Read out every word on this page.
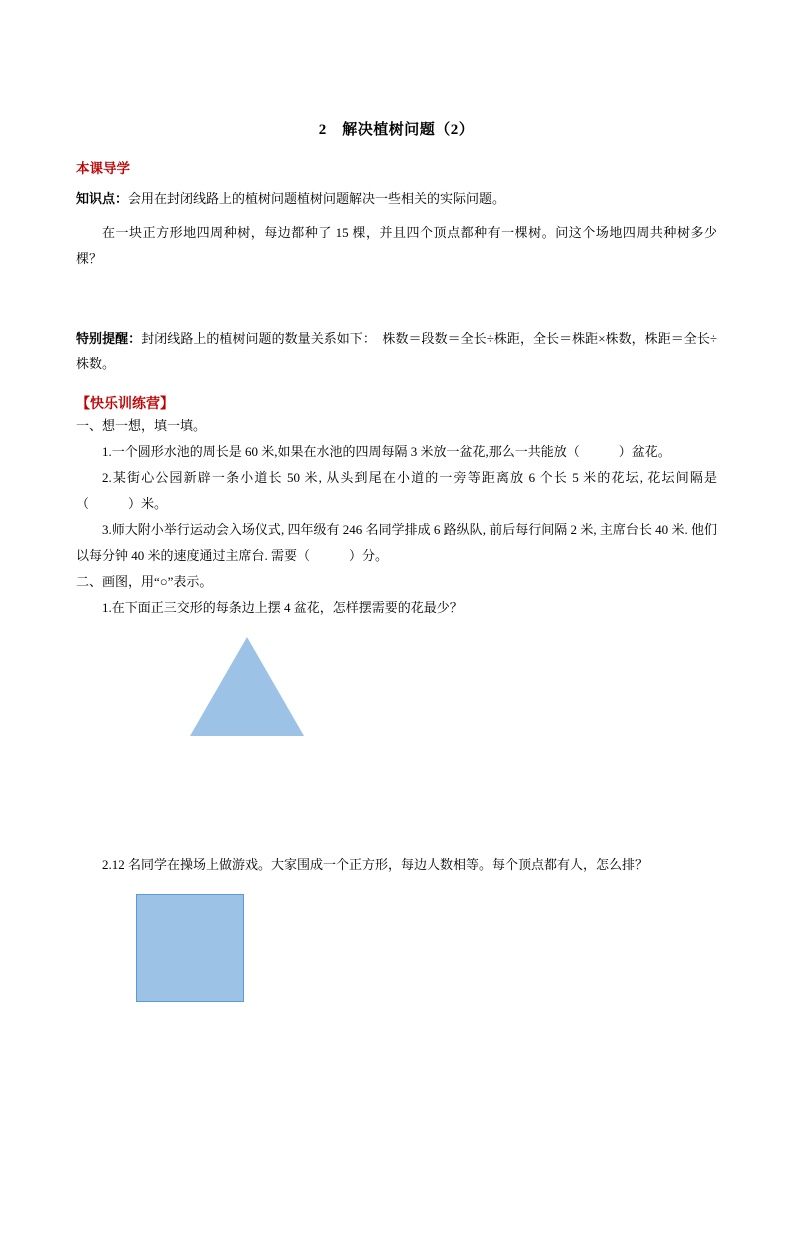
2　解决植树问题（2）
本课导学
知识点：会用在封闭线路上的植树问题植树问题解决一些相关的实际问题。
在一块正方形地四周种树，每边都种了 15 棵，并且四个顶点都种有一棵树。问这个场地四周共种树多少棵？
特别提醒：封闭线路上的植树问题的数量关系如下：　株数＝段数＝全长÷株距，全长＝株距×株数，株距＝全长÷株数。
【快乐训练营】
一、想一想，填一填。
1.一个圆形水池的周长是 60 米,如果在水池的四周每隔 3 米放一盆花,那么一共能放（　　　）盆花。
2.某街心公园新辟一条小道长 50 米, 从头到尾在小道的一旁等距离放 6 个长 5 米的花坛, 花坛间隔是（　　　）米。
3.师大附小举行运动会入场仪式, 四年级有 246 名同学排成 6 路纵队, 前后每行间隔 2 米, 主席台长 40 米. 他们以每分钟 40 米的速度通过主席台. 需要（　　　）分。
二、画图，用“○”表示。
1.在下面正三交形的每条边上摆 4 盆花，怎样摆需要的花最少？
2.12 名同学在操场上做游戏。大家围成一个正方形，每边人数相等。每个顶点都有人，怎么排？
